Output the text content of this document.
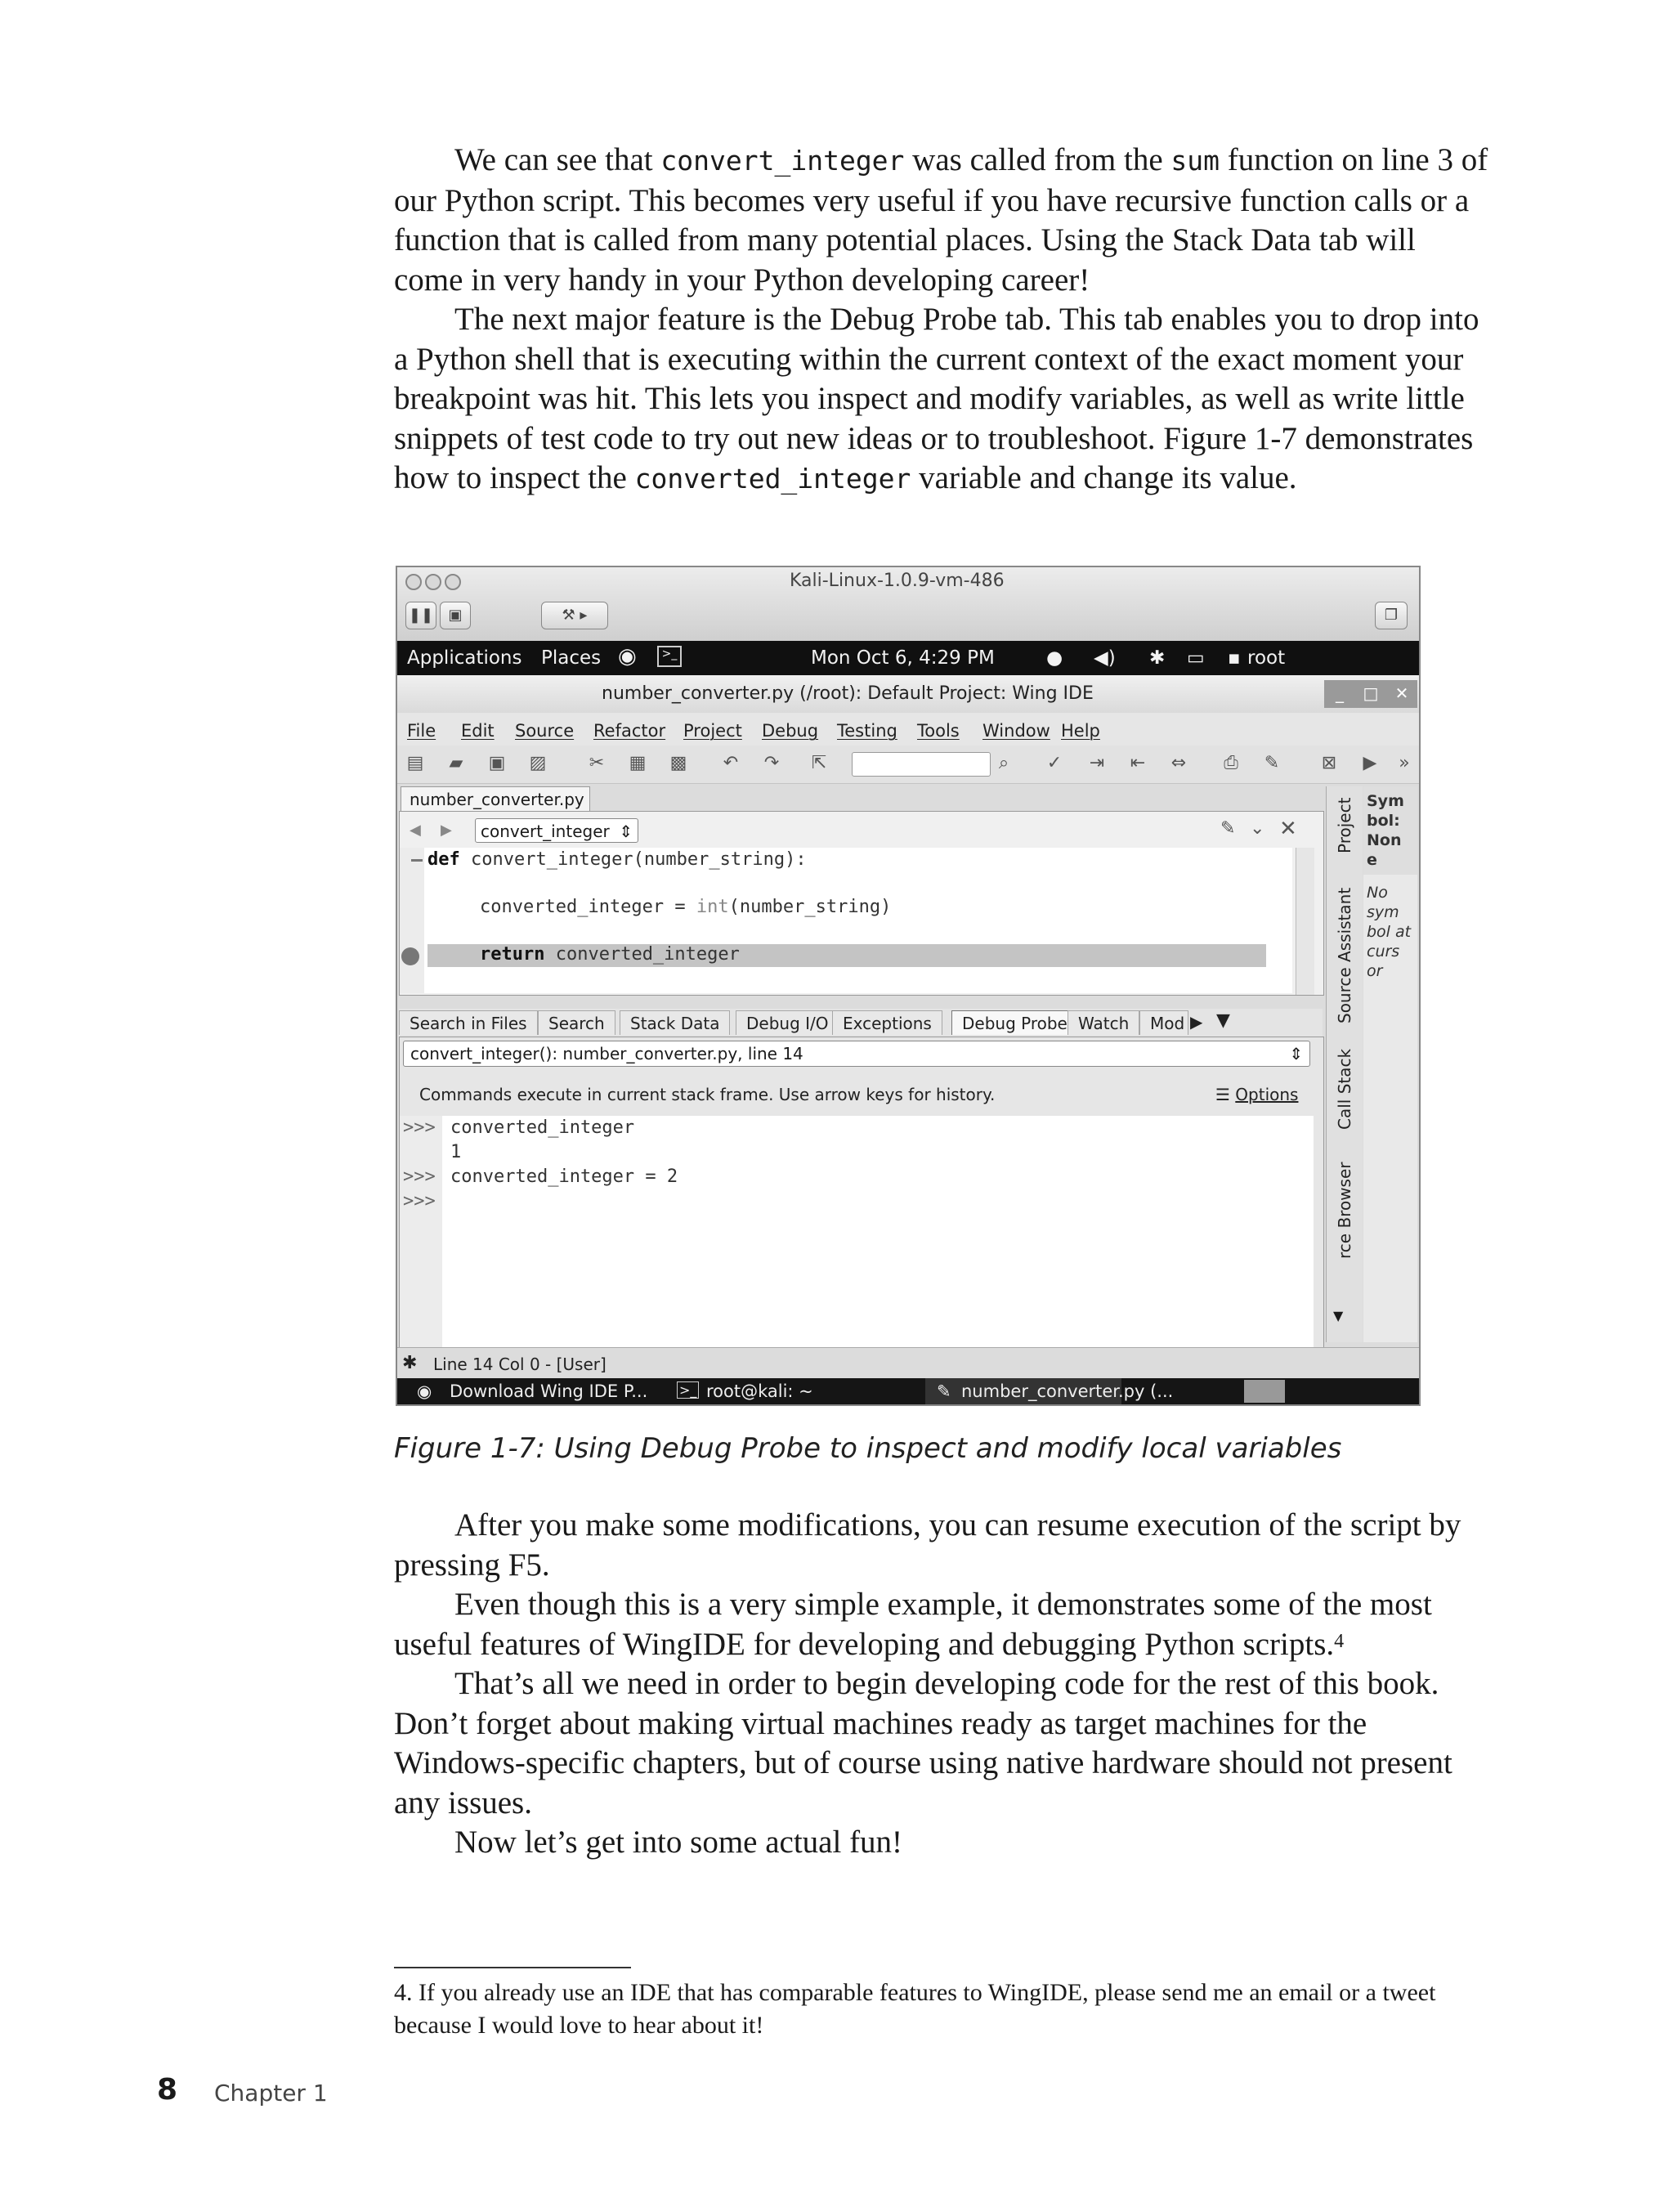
We can see that convert_integer was called from the sum function on line 3 of our Python script. This becomes very useful if you have recursive function calls or a function that is called from many potential places. Using the Stack Data tab will come in very handy in your Python developing career!

The next major feature is the Debug Probe tab. This tab enables you to drop into a Python shell that is executing within the current context of the exact moment your breakpoint was hit. This lets you inspect and modify variables, as well as write little snippets of test code to try out new ideas or to troubleshoot. Figure 1-7 demonstrates how to inspect the converted_integer variable and change its value.

Kali-Linux-1.0.9-vm-486
❚❚	▣	⚒ ▸	❐
Applications Places ◉	>_	Mon Oct 6, 4:29 PM	● ◀) ✱ ▭ ▪ root
number_converter.py (/root): Default Project: Wing IDE	_	□	✕
File Edit Source Refactor Project Debug Testing Tools Window Help
▤ ▰ ▣ ▨ ✂ ▦ ▩ ↶ ↷ ⇱	⌕ ✓ ⇥ ⇤ ⇔ ⎙ ✎ ⊠ ▶ »
number_converter.py
◀ ▶	convert_integer ⇕	✎ ⌄ ✕
def convert_integer(number_string):
converted_integer = int(number_string)
return converted_integer
Search in Files	Search	Stack Data	Debug I/O Exceptions	Debug Probe Watch	Mod ▶ ▼
convert_integer(): number_converter.py, line 14	⇕
Commands execute in current stack frame. Use arrow keys for history.	☰ Options
>>> converted_integer
1
>>> converted_integer = 2
>>>
Project
Source Assistant
Call Stack
rce Browser
▼
Sym bol: Non e
No sym bol at curs or
✱ Line 14 Col 0 - [User]
◉ Download Wing IDE P... >_ root@kali: ~	✎ number_converter.py (...
Figure 1-7: Using Debug Probe to inspect and modify local variables

After you make some modifications, you can resume execution of the script by pressing F5.

Even though this is a very simple example, it demonstrates some of the most useful features of WingIDE for developing and debugging Python scripts.$^4$

That’s all we need in order to begin developing code for the rest of this book. Don’t forget about making virtual machines ready as target machines for the Windows-specific chapters, but of course using native hardware should not present any issues.

Now let’s get into some actual fun!

4. If you already use an IDE that has comparable features to WingIDE, please send me an email or a tweet because I would love to hear about it!
8 Chapter 1
